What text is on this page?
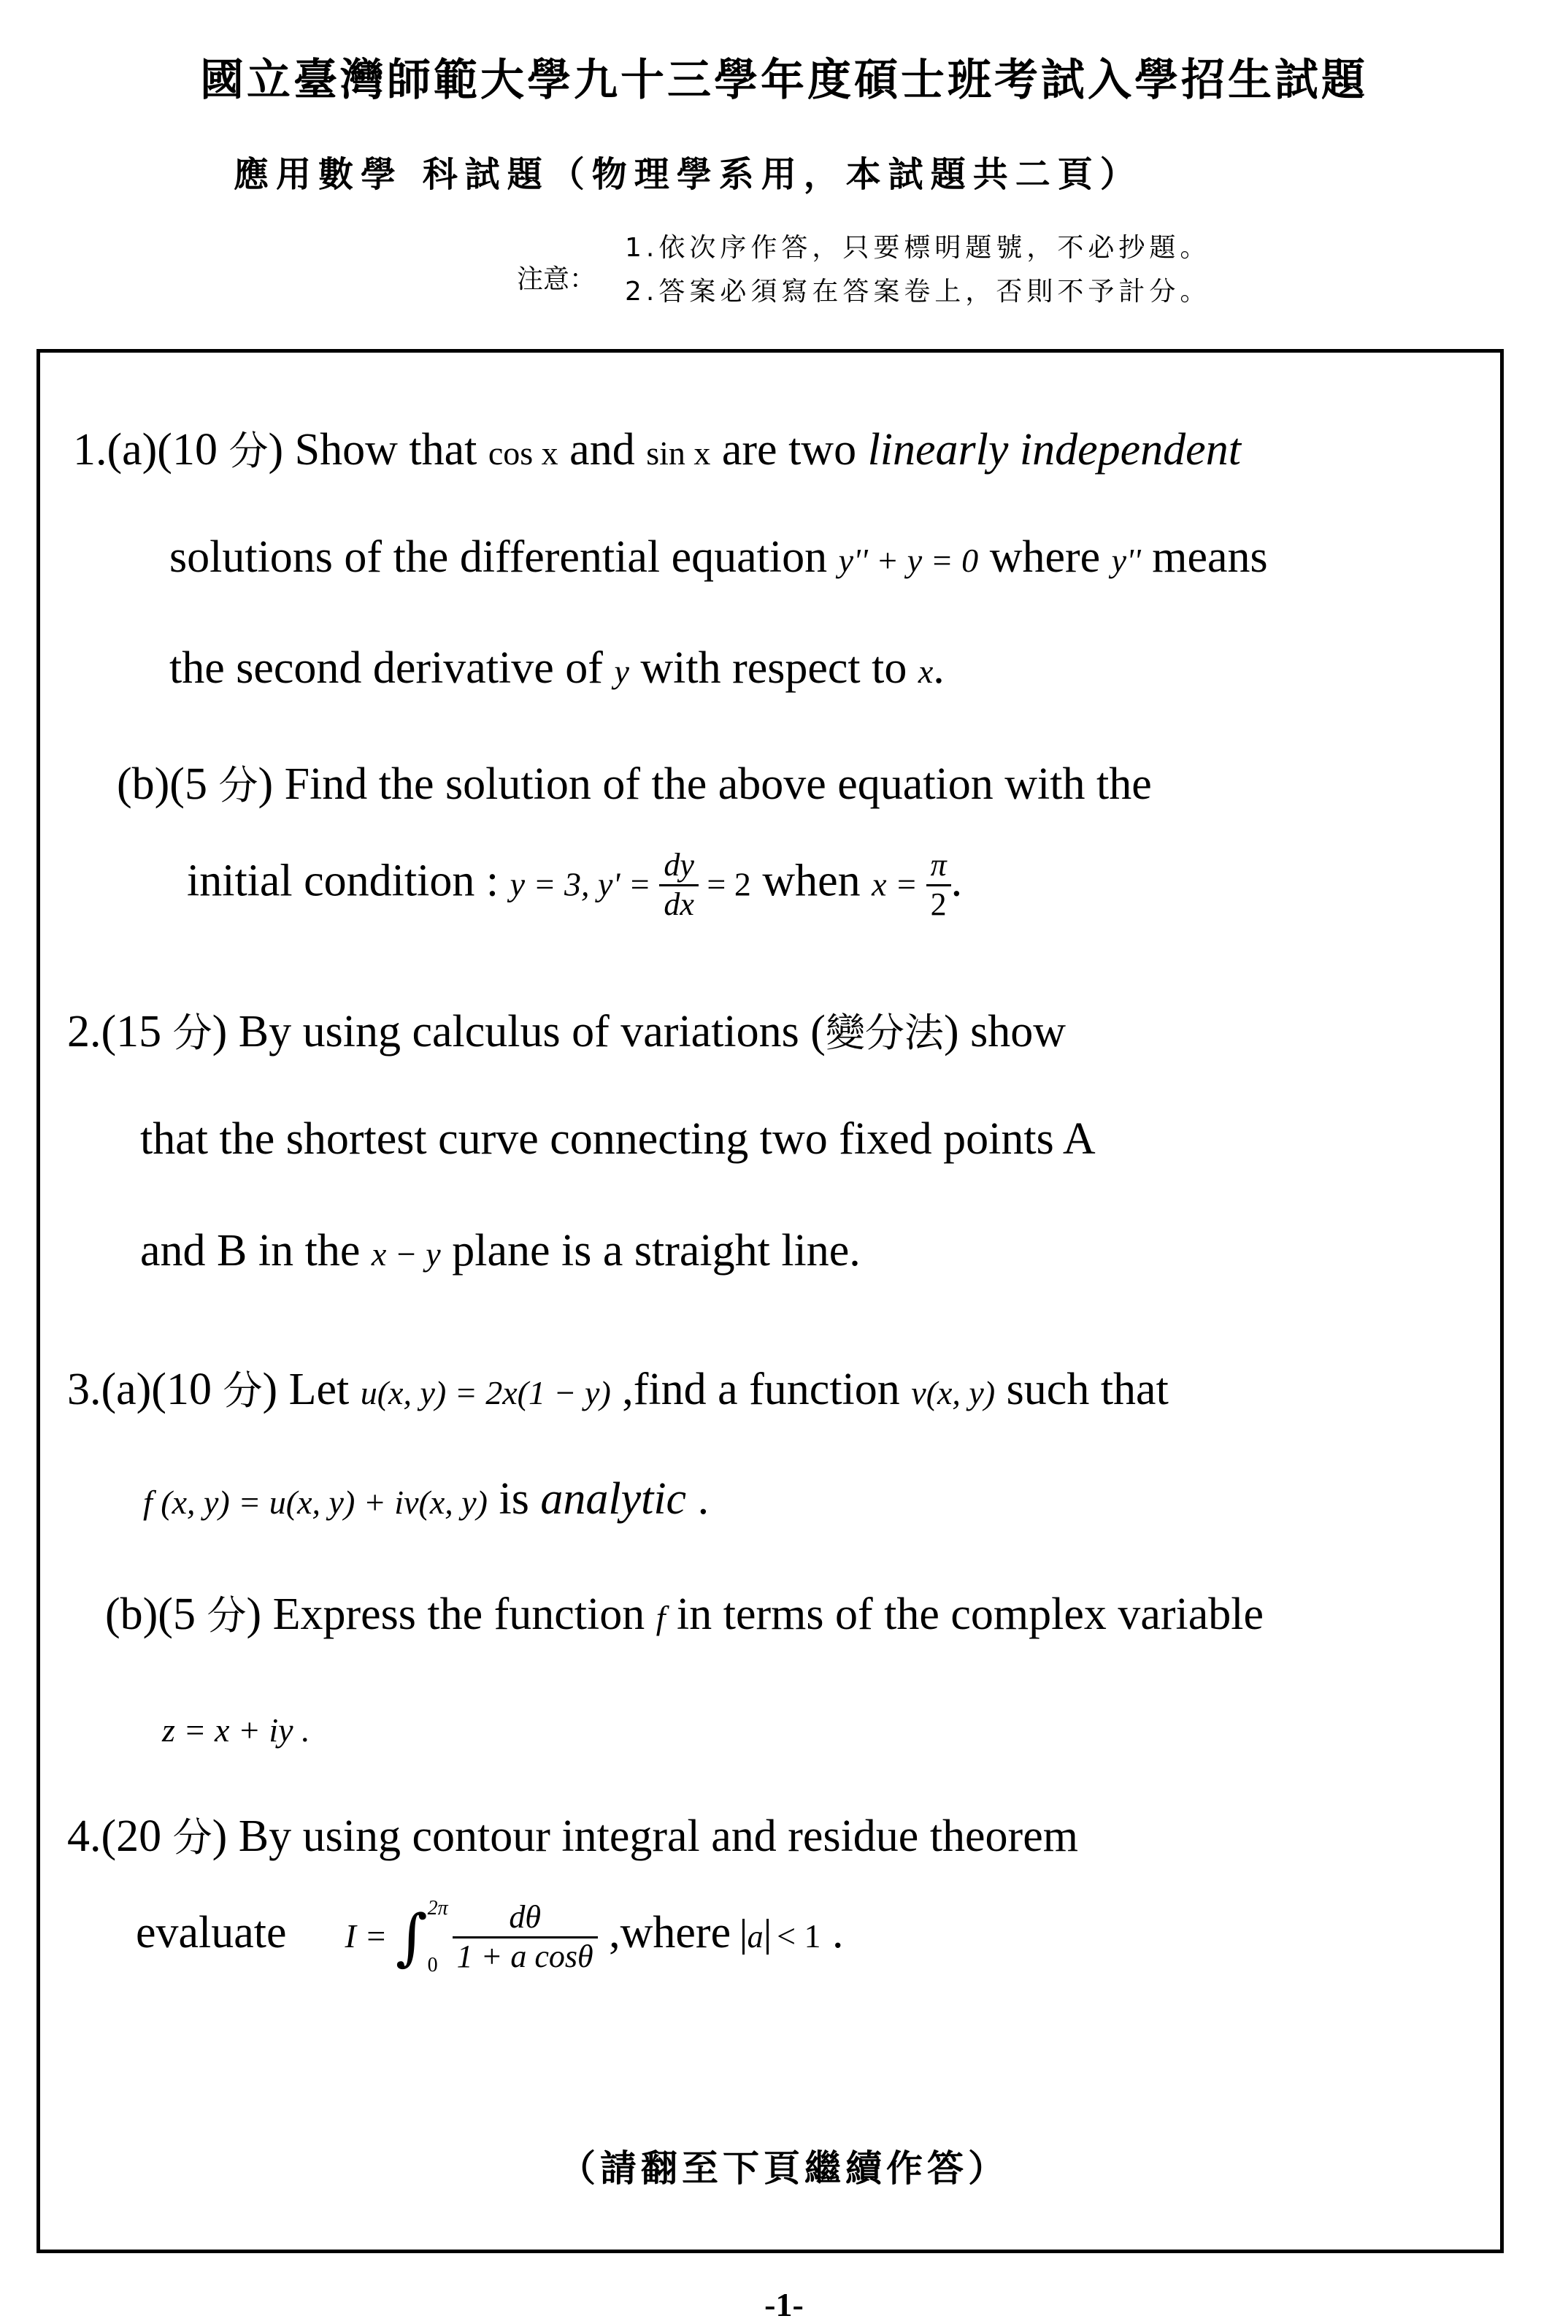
國立臺灣師範大學九十三學年度碩士班考試入學招生試題
應用數學 科試題（物理學系用，本試題共二頁）
注意：
1.依次序作答，只要標明題號，不必抄題。
2.答案必須寫在答案卷上，否則不予計分。
1.(a)(10 分) Show that cos x and sin x are two linearly independent
solutions of the differential equation y'' + y = 0 where y'' means
the second derivative of y with respect to x.
(b)(5 分) Find the solution of the above equation with the
initial condition : y = 3, $y' = \frac{dy}{dx} = 2$ when $x = \frac{\pi}{2}$ .
2.(15 分) By using calculus of variations (變分法) show
that the shortest curve connecting two fixed points A
and B in the x − y plane is a straight line.
3.(a)(10 分) Let u(x, y) = 2x(1 − y) ,find a function v(x, y) such that
f (x, y) = u(x, y) + iv(x, y) is analytic .
(b)(5 分) Express the function f in terms of the complex variable
z = x + iy .
4.(20 分) By using contour integral and residue theorem
evaluate I = ∫ 2π
$0 \frac{d\theta}{\text{1 + a cosθ}}$ ,where a < 1 .
（請翻至下頁繼續作答）
-1-
